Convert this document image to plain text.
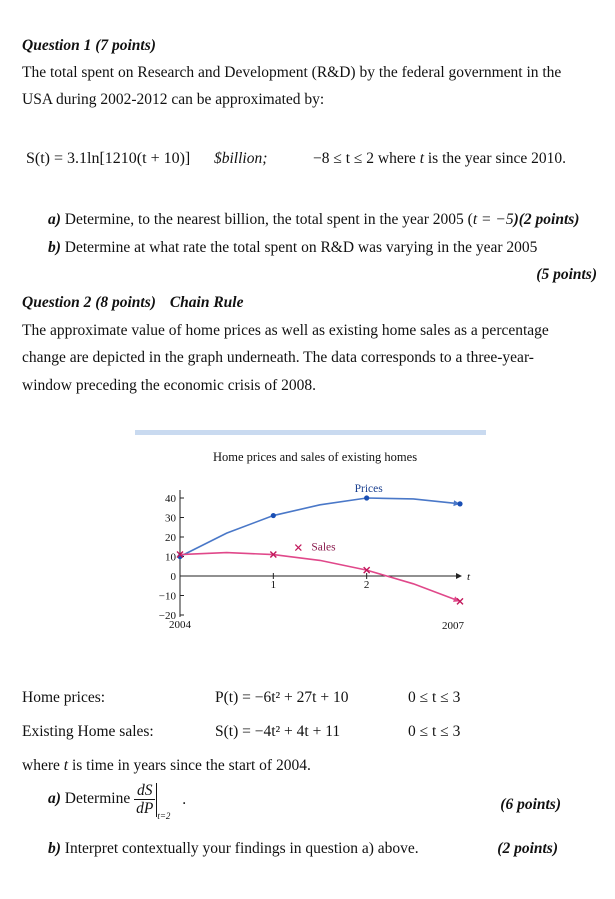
Question 1 (7 points)
The total spent on Research and Development (R&D) by the federal government in the
USA during 2002-2012 can be approximated by:
S(t) = 3.1ln[1210(t + 10)] $billion;	−8 ≤ t ≤ 2 where t is the year since 2010.
a) Determine, to the nearest billion, the total spent in the year 2005 (t = −5)(2 points)
b) Determine at what rate the total spent on R&D was varying in the year 2005
(5 points)
Question 2 (8 points) Chain Rule
The approximate value of home prices as well as existing home sales as a percentage
change are depicted in the graph underneath. The data corresponds to a three-year-
window preceding the economic crisis of 2008.
Home prices and sales of existing homes
40
30
20
10
0
−10
−20
t
1	2
2004	2007
Prices
Sales
Home prices:	P(t) = −6t² + 27t + 10	0 ≤ t ≤ 3
Existing Home sales:	S(t) = −4t² + 4t + 11	0 ≤ t ≤ 3
where t is time in years since the start of 2004.
a) Determine $\frac{dS}{dP} _{t=2}$ .	(6 points)
b) Interpret contextually your findings in question a) above.	(2 points)
